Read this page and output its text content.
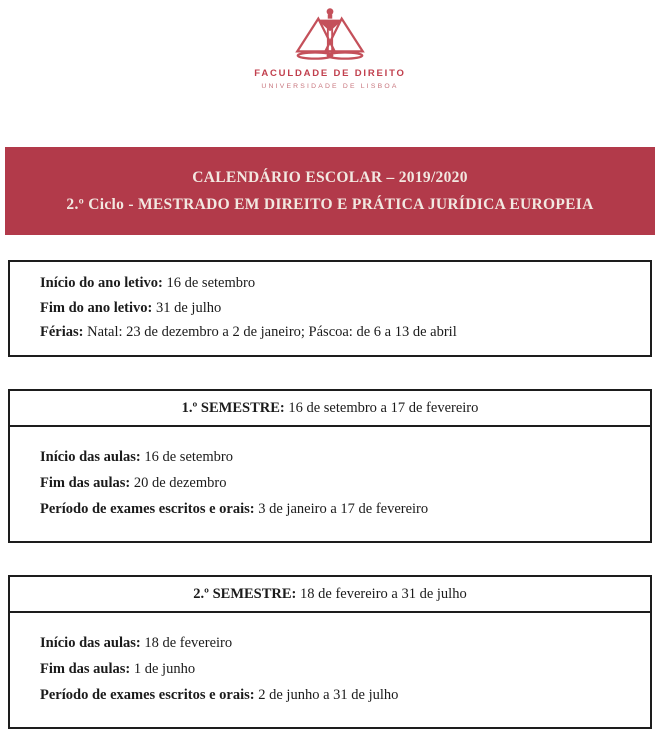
FACULDADE DE DIREITO
UNIVERSIDADE DE LISBOA
CALENDÁRIO ESCOLAR – 2019/2020
2.º Ciclo - MESTRADO EM DIREITO E PRÁTICA JURÍDICA EUROPEIA
Início do ano letivo: 16 de setembro
Fim do ano letivo: 31 de julho
Férias: Natal: 23 de dezembro a 2 de janeiro; Páscoa: de 6 a 13 de abril
1.º SEMESTRE: 16 de setembro a 17 de fevereiro
Início das aulas: 16 de setembro
Fim das aulas: 20 de dezembro
Período de exames escritos e orais: 3 de janeiro a 17 de fevereiro
2.º SEMESTRE: 18 de fevereiro a 31 de julho
Início das aulas: 18 de fevereiro
Fim das aulas: 1 de junho
Período de exames escritos e orais: 2 de junho a 31 de julho
